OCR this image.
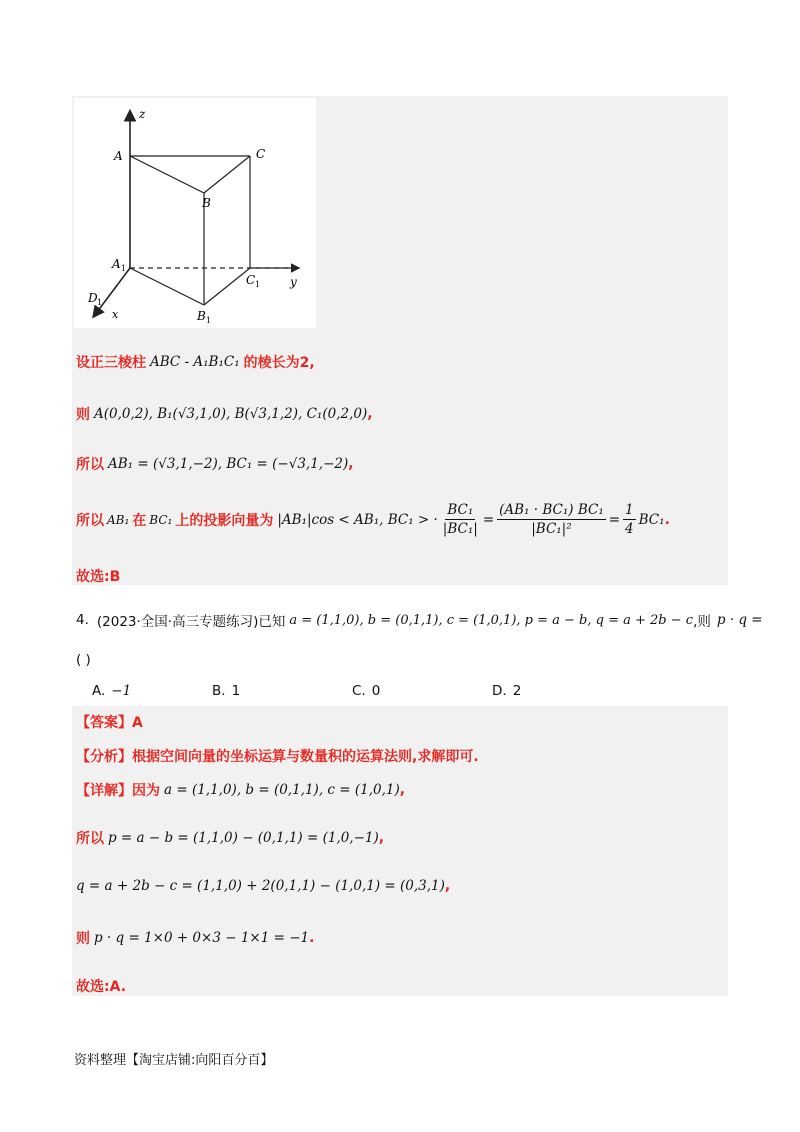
z
A	C
B
A 1
C 1 y
D 1
x	B 1
设正三棱柱 ABC - A₁B₁C₁ 的棱长为2,
则 A(0,0,2), B₁(√3,1,0), B(√3,1,2), C₁(0,2,0) ,
所以 AB₁ = (√3,1,−2), BC₁ = (−√3,1,−2) ,
所以 AB₁ 在 BC₁ 上的投影向量为 |AB₁|cos < AB₁, BC₁ > · $\frac{\text{BC₁}}{\text{|BC₁|}} = \frac{\text{(AB₁ · BC₁) BC₁}}{\text{|BC₁|²}} = \frac{1}{4} BC_1$ .
故选:B
4. (2023·全国·高三专题练习)已知 a = (1,1,0), b = (0,1,1), c = (1,0,1), p = a − b, q = a + 2b − c ,则 p · q =
( )
A. −1	B. 1	C. 0	D. 2
【答案】A
【分析】根据空间向量的坐标运算与数量积的运算法则,求解即可.
【详解】因为 a = (1,1,0), b = (0,1,1), c = (1,0,1) ,
所以 p = a − b = (1,1,0) − (0,1,1) = (1,0,−1) ,
q = a + 2b − c = (1,1,0) + 2(0,1,1) − (1,0,1) = (0,3,1) ,
则 p · q = 1×0 + 0×3 − 1×1 = −1 .
故选:A.
资料整理【淘宝店铺:向阳百分百】
